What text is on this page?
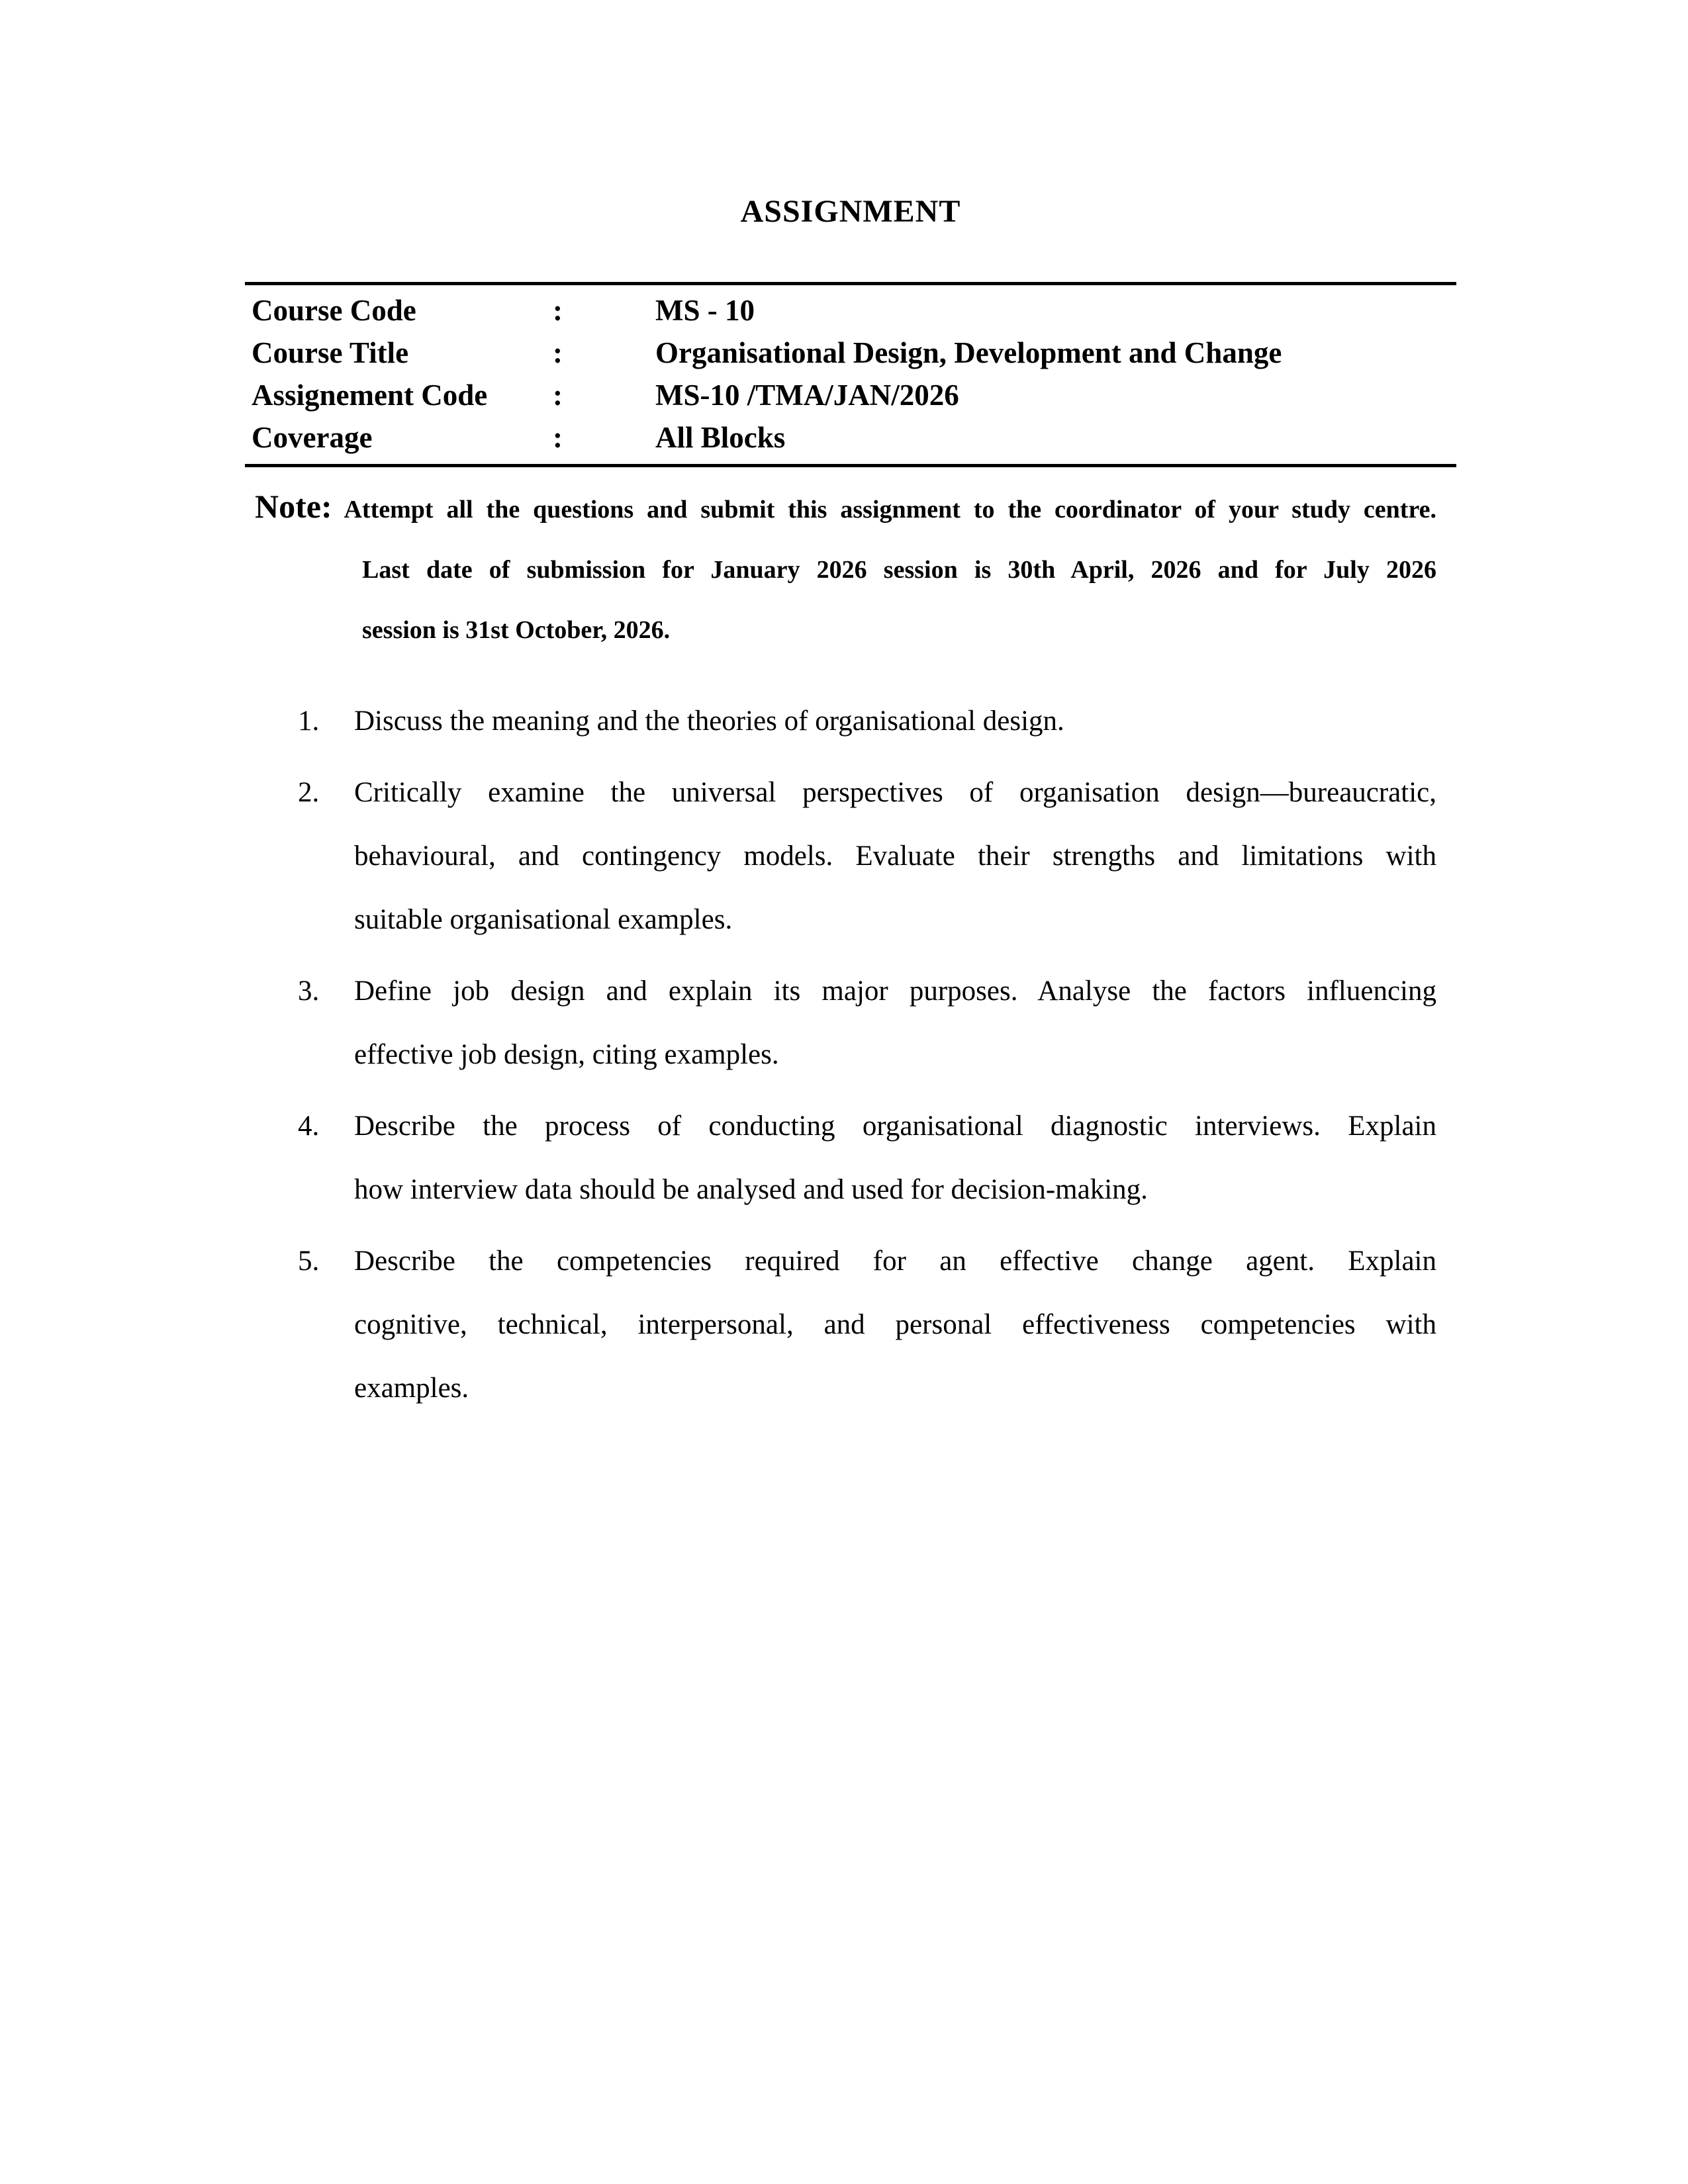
ASSIGNMENT
Course Code	:	MS - 10
Course Title	:	Organisational Design, Development and Change
Assignement Code	:	MS-10 /TMA/JAN/2026
Coverage	:	All Blocks
Note: Attempt all the questions and submit this assignment to the coordinator of your study centre.
Last date of submission for January 2026 session is 30th April, 2026 and for July 2026
session is 31st October, 2026.
1.	Discuss the meaning and the theories of organisational design.
2.	Critically examine the universal perspectives of organisation design—bureaucratic,
behavioural, and contingency models. Evaluate their strengths and limitations with
suitable organisational examples.
3.	Define job design and explain its major purposes. Analyse the factors influencing
effective job design, citing examples.
4.	Describe the process of conducting organisational diagnostic interviews. Explain
how interview data should be analysed and used for decision-making.
5.	Describe the competencies required for an effective change agent. Explain
cognitive, technical, interpersonal, and personal effectiveness competencies with
examples.
